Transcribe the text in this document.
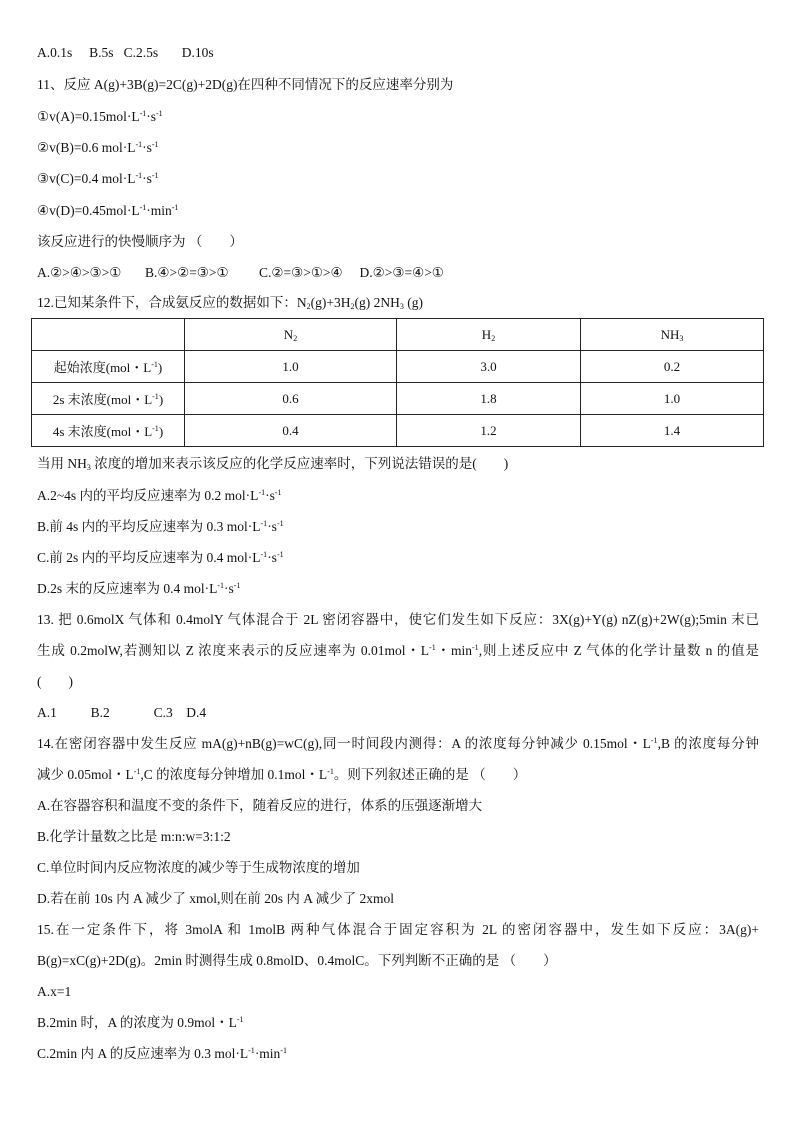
A.0.1s B.5s C.2.5s D.10s
11、反应 A(g)+3B(g)=2C(g)+2D(g)在四种不同情况下的反应速率分别为
$①v(A)=0.15mol\cdot L^{-1}\cdot s^{-1}$
②v(B)=0.6 $mol\cdot L^{-1}\cdot s^{-1}$
③v(C)=0.4 $mol\cdot L^{-1}\cdot s^{-1}$
$④v(D)=0.45mol\cdot L^{-1}\cdot\min^{-1}$
该反应进行的快慢顺序为 （　　）
A.②>④>③>① B.④>②=③>① C.②=③>①>④ D.②>③=④>①
12.已知某条件下，合成氨反应的数据如下：$N_2(g)+3H_2(g)$ $2NH_3$ (g)
	$N_2$	$H_2$	$NH_3$
起始浓度(mol・$L^{-1}$)	1.0	3.0	0.2
2s 末浓度(mol・$L^{-1}$)	0.6	1.8	1.0
4s 末浓度(mol・$L^{-1}$)	0.4	1.2	1.4
当用 $NH_3$ 浓度的增加来表示该反应的化学反应速率时，下列说法错误的是(　　)
A.2~4s 内的平均反应速率为 0.2 $mol\cdot L^{-1}\cdot s^{-1}$
B.前 4s 内的平均反应速率为 0.3 $mol\cdot L^{-1}\cdot s^{-1}$
C.前 2s 内的平均反应速率为 0.4 $mol\cdot L^{-1}\cdot s^{-1}$
D.2s 末的反应速率为 0.4 $mol\cdot L^{-1}\cdot s^{-1}$
13. 把 0.6molX 气体和 0.4molY 气体混合于 2L 密闭容器中，使它们发生如下反应：3X(g)+Y(g) nZ(g)+2W(g);5min 末已
生成 0.2molW,若测知以 Z 浓度来表示的反应速率为 0.01mol・$L^{-1}$・$\min^{-1}$,则上述反应中 Z 气体的化学计量数 n 的值是
(　　)
A.1	B.2	C.3 D.4
14.在密闭容器中发生反应 mA(g)+nB(g)=wC(g),同一时间段内测得：A 的浓度每分钟减少 0.15mol・$L^{-1},B$ 的浓度每分钟
减少 0.05mol・$L^{-1},C$ 的浓度每分钟增加 0.1mol・$L^{-1}$。则下列叙述正确的是 （　　）
A.在容器容积和温度不变的条件下，随着反应的进行，体系的压强逐渐增大
B.化学计量数之比是 m:n:w=3:1:2
C.单位时间内反应物浓度的减少等于生成物浓度的增加
D.若在前 10s 内 A 减少了 xmol,则在前 20s 内 A 减少了 2xmol
15.在一定条件下，将 3molA 和 1molB 两种气体混合于固定容积为 2L 的密闭容器中，发生如下反应：3A(g)+
B(g)=xC(g)+2D(g)。2min 时测得生成 0.8molD、0.4molC。下列判断不正确的是 （　　）
A.x=1
B.2min 时，A 的浓度为 0.9mol・$L^{-1}$
C.2min 内 A 的反应速率为 0.3 $mol\cdot L^{-1}\cdot\min^{-1}$
